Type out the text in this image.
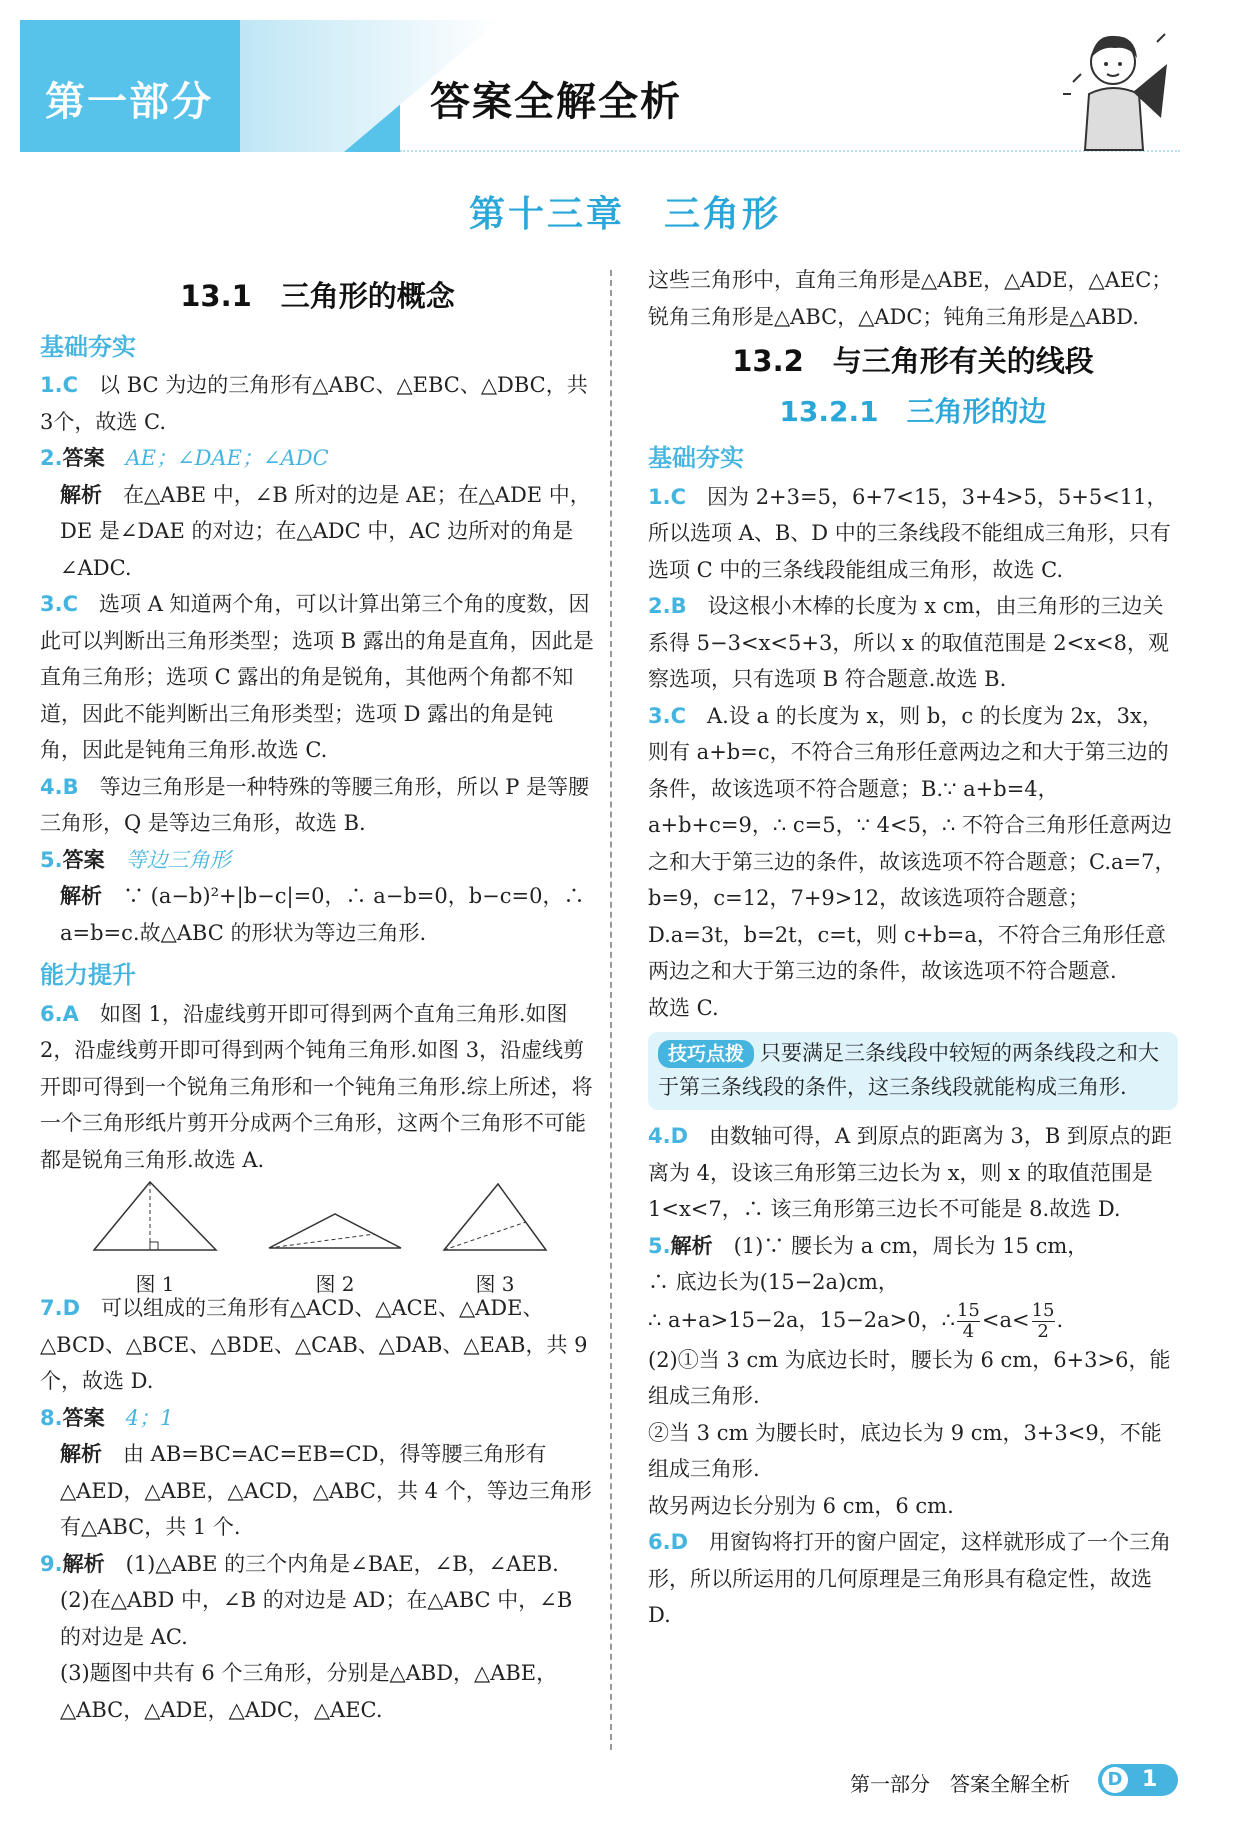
第一部分	答案全解全析
第十三章　三角形

13.1　三角形的概念

基础夯实

1.C　 以 BC 为边的三角形有△ABC、△EBC、△DBC，共3个，故选 C.

2.答案　 AE；∠DAE；∠ADC

解析　 在△ABE 中，∠B 所对的边是 AE；在△ADE 中，DE 是∠DAE 的对边；在△ADC 中，AC 边所对的角是∠ADC.

3.C　 选项 A 知道两个角，可以计算出第三个角的度数，因此可以判断出三角形类型；选项 B 露出的角是直角，因此是直角三角形；选项 C 露出的角是锐角，其他两个角都不知道，因此不能判断出三角形类型；选项 D 露出的角是钝角，因此是钝角三角形.故选 C.

4.B　 等边三角形是一种特殊的等腰三角形，所以 P 是等腰三角形，Q 是等边三角形，故选 B.

5.答案　 等边三角形

解析　 ∵ (a−b)²+|b−c|=0，∴ a−b=0，b−c=0，∴ a=b=c.故△ABC 的形状为等边三角形.

能力提升

6.A　 如图 1，沿虚线剪开即可得到两个直角三角形.如图 2，沿虚线剪开即可得到两个钝角三角形.如图 3，沿虚线剪开即可得到一个锐角三角形和一个钝角三角形.综上所述，将一个三角形纸片剪开分成两个三角形，这两个三角形不可能都是锐角三角形.故选 A.

图 1	图 2	图 3

7.D　 可以组成的三角形有△ACD、△ACE、△ADE、△BCD、△BCE、△BDE、△CAB、△DAB、△EAB，共 9 个，故选 D.

8.答案　 4；1

解析　 由 AB=BC=AC=EB=CD，得等腰三角形有△AED，△ABE，△ACD，△ABC，共 4 个，等边三角形有△ABC，共 1 个.

9.解析　 (1)△ABE 的三个内角是∠BAE，∠B，∠AEB.

(2)在△ABD 中，∠B 的对边是 AD；在△ABC 中，∠B 的对边是 AC.

(3)题图中共有 6 个三角形，分别是△ABD，△ABE，△ABC，△ADE，△ADC，△AEC.

这些三角形中，直角三角形是△ABE，△ADE，△AEC；锐角三角形是△ABC，△ADC；钝角三角形是△ABD.

13.2　与三角形有关的线段

13.2.1　三角形的边

基础夯实

1.C　 因为 2+3=5，6+7<15，3+4>5，5+5<11，所以选项 A、B、D 中的三条线段不能组成三角形，只有选项 C 中的三条线段能组成三角形，故选 C.

2.B　 设这根小木棒的长度为 x cm，由三角形的三边关系得 5−3<x<5+3，所以 x 的取值范围是 2<x<8，观察选项，只有选项 B 符合题意.故选 B.

3.C　 A.设 a 的长度为 x，则 b，c 的长度为 2x，3x，则有 a+b=c，不符合三角形任意两边之和大于第三边的条件，故该选项不符合题意；B.∵ a+b=4，a+b+c=9，∴ c=5，∵ 4<5，∴ 不符合三角形任意两边之和大于第三边的条件，故该选项不符合题意；C.a=7，b=9，c=12，7+9>12，故该选项符合题意；D.a=3t，b=2t，c=t，则 c+b=a，不符合三角形任意两边之和大于第三边的条件，故该选项不符合题意.

故选 C.

技巧点拨 只要满足三条线段中较短的两条线段之和大于第三条线段的条件，这三条线段就能构成三角形.

4.D　 由数轴可得，A 到原点的距离为 3，B 到原点的距离为 4，设该三角形第三边长为 x，则 x 的取值范围是 1<x<7，∴ 该三角形第三边长不可能是 8.故选 D.

5.解析　 (1)∵ 腰长为 a cm，周长为 15 cm，

∴ 底边长为(15−2a)cm，

∴ a+a>15−2a，15−2a>0，∴ $\frac{15}{4} <a< \frac{15}{2}$ .

(2)①当 3 cm 为底边长时，腰长为 6 cm，6+3>6，能组成三角形.

②当 3 cm 为腰长时，底边长为 9 cm，3+3<9，不能组成三角形.

故另两边长分别为 6 cm，6 cm.

6.D　 用窗钩将打开的窗户固定，这样就形成了一个三角形，所以所运用的几何原理是三角形具有稳定性，故选 D.

第一部分　 答案全解全析	D 1
